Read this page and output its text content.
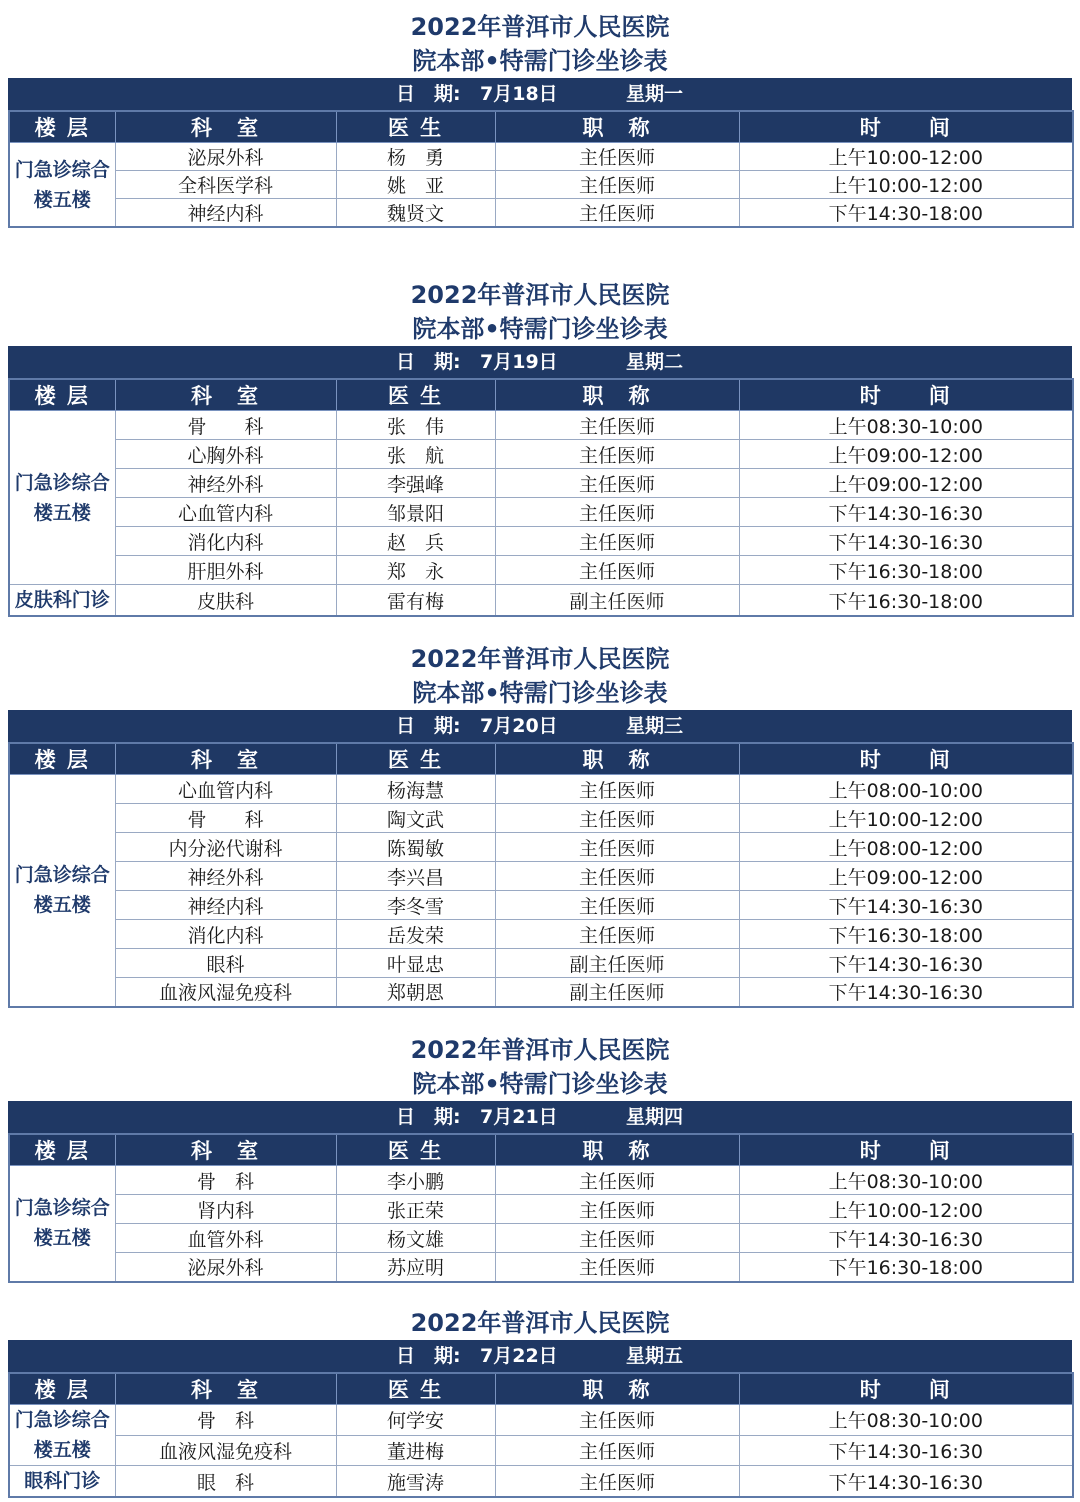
2022年普洱市人民医院
院本部•特需门诊坐诊表
日　期: 7月18日	星期一
楼 层	科　室	医 生	职　称	时　　间
门急诊综合楼五楼	泌尿外科	杨　勇	主任医师	上午10:00-12:00
	全科医学科	姚　亚	主任医师	上午10:00-12:00
	神经内科	魏贤文	主任医师	下午14:30-18:00
2022年普洱市人民医院
院本部•特需门诊坐诊表
日　期: 7月19日	星期二
楼 层	科　室	医 生	职　称	时　　间
门急诊综合楼五楼	骨　　科	张　伟	主任医师	上午08:30-10:00
	心胸外科	张　航	主任医师	上午09:00-12:00
	神经外科	李强峰	主任医师	上午09:00-12:00
	心血管内科	邹景阳	主任医师	下午14:30-16:30
	消化内科	赵　兵	主任医师	下午14:30-16:30
	肝胆外科	郑　永	主任医师	下午16:30-18:00
皮肤科门诊	皮肤科	雷有梅	副主任医师	下午16:30-18:00
2022年普洱市人民医院
院本部•特需门诊坐诊表
日　期: 7月20日	星期三
楼 层	科　室	医 生	职　称	时　　间
门急诊综合楼五楼	心血管内科	杨海慧	主任医师	上午08:00-10:00
	骨　　科	陶文武	主任医师	上午10:00-12:00
	内分泌代谢科	陈蜀敏	主任医师	上午08:00-12:00
	神经外科	李兴昌	主任医师	上午09:00-12:00
	神经内科	李冬雪	主任医师	下午14:30-16:30
	消化内科	岳发荣	主任医师	下午16:30-18:00
	眼科	叶显忠	副主任医师	下午14:30-16:30
	血液风湿免疫科	郑朝恩	副主任医师	下午14:30-16:30
2022年普洱市人民医院
院本部•特需门诊坐诊表
日　期: 7月21日	星期四
楼 层	科　室	医 生	职　称	时　　间
门急诊综合楼五楼	骨　科	李小鹏	主任医师	上午08:30-10:00
	肾内科	张正荣	主任医师	上午10:00-12:00
	血管外科	杨文雄	主任医师	下午14:30-16:30
	泌尿外科	苏应明	主任医师	下午16:30-18:00
2022年普洱市人民医院
日　期: 7月22日	星期五
楼 层	科　室	医 生	职　称	时　　间
门急诊综合楼五楼	骨　科	何学安	主任医师	上午08:30-10:00
	血液风湿免疫科	董进梅	主任医师	下午14:30-16:30
眼科门诊	眼　科	施雪涛	主任医师	下午14:30-16:30
